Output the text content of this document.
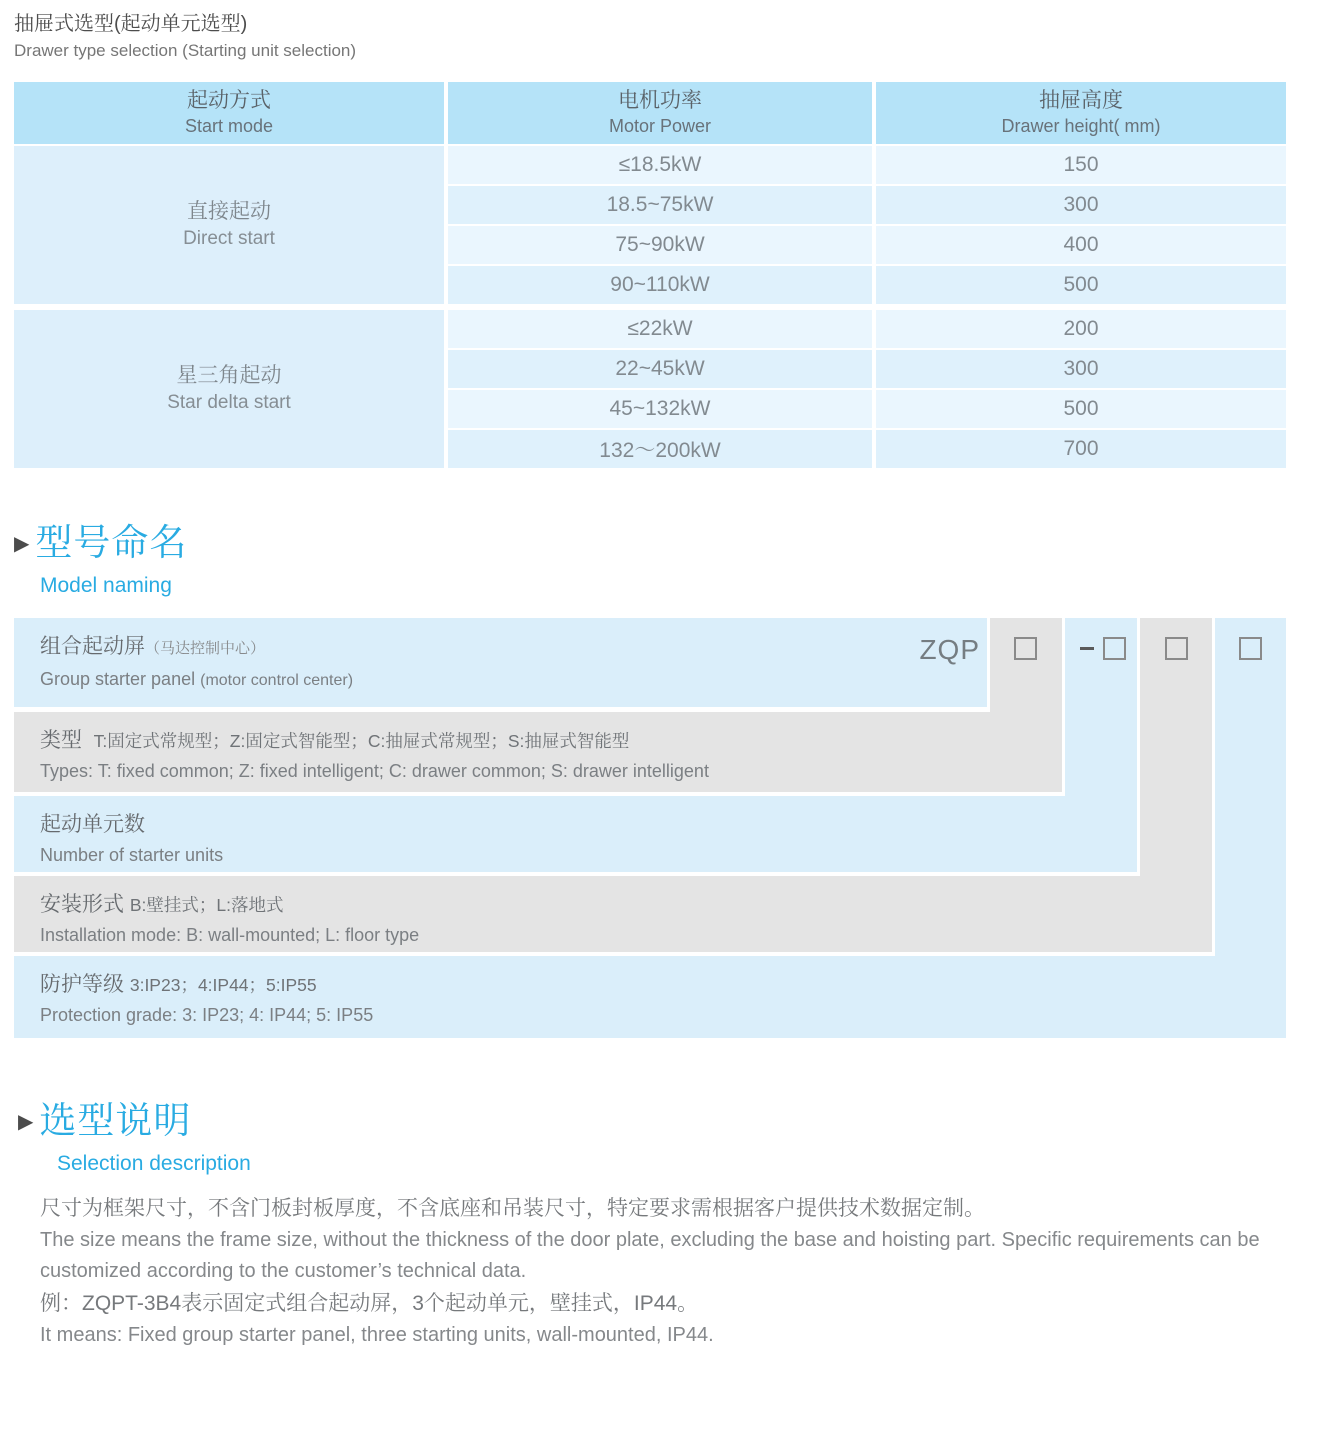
抽屉式选型(起动单元选型)
Drawer type selection (Starting unit selection)
起动方式
Start mode
电机功率
Motor Power
抽屉高度
Drawer height( mm)
直接起动
Direct start
≤18.5kW
18.5~75kW
75~90kW
90~110kW
150
300
400
500
星三角起动
Star delta start
≤22kW
22~45kW
45~132kW
132～200kW
200
300
500
700
▶ 型号命名
Model naming
组合起动屏（马达控制中心）
Group starter panel (motor control center)
类型 T:固定式常规型；Z:固定式智能型；C:抽屉式常规型；S:抽屉式智能型
Types: T: fixed common; Z: fixed intelligent; C: drawer common; S: drawer intelligent
起动单元数
Number of starter units
安装形式 B:壁挂式；L:落地式
Installation mode: B: wall-mounted; L: floor type
防护等级 3:IP23；4:IP44；5:IP55
Protection grade: 3: IP23; 4: IP44; 5: IP55
ZQP
▶ 选型说明
Selection description
尺寸为框架尺寸，不含门板封板厚度，不含底座和吊装尺寸，特定要求需根据客户提供技术数据定制。
The size means the frame size, without the thickness of the door plate, excluding the base and hoisting part. Specific requirements can be customized according to the customer’s technical data.
例：ZQPT-3B4表示固定式组合起动屏，3个起动单元，壁挂式，IP44。
It means: Fixed group starter panel, three starting units, wall-mounted, IP44.
